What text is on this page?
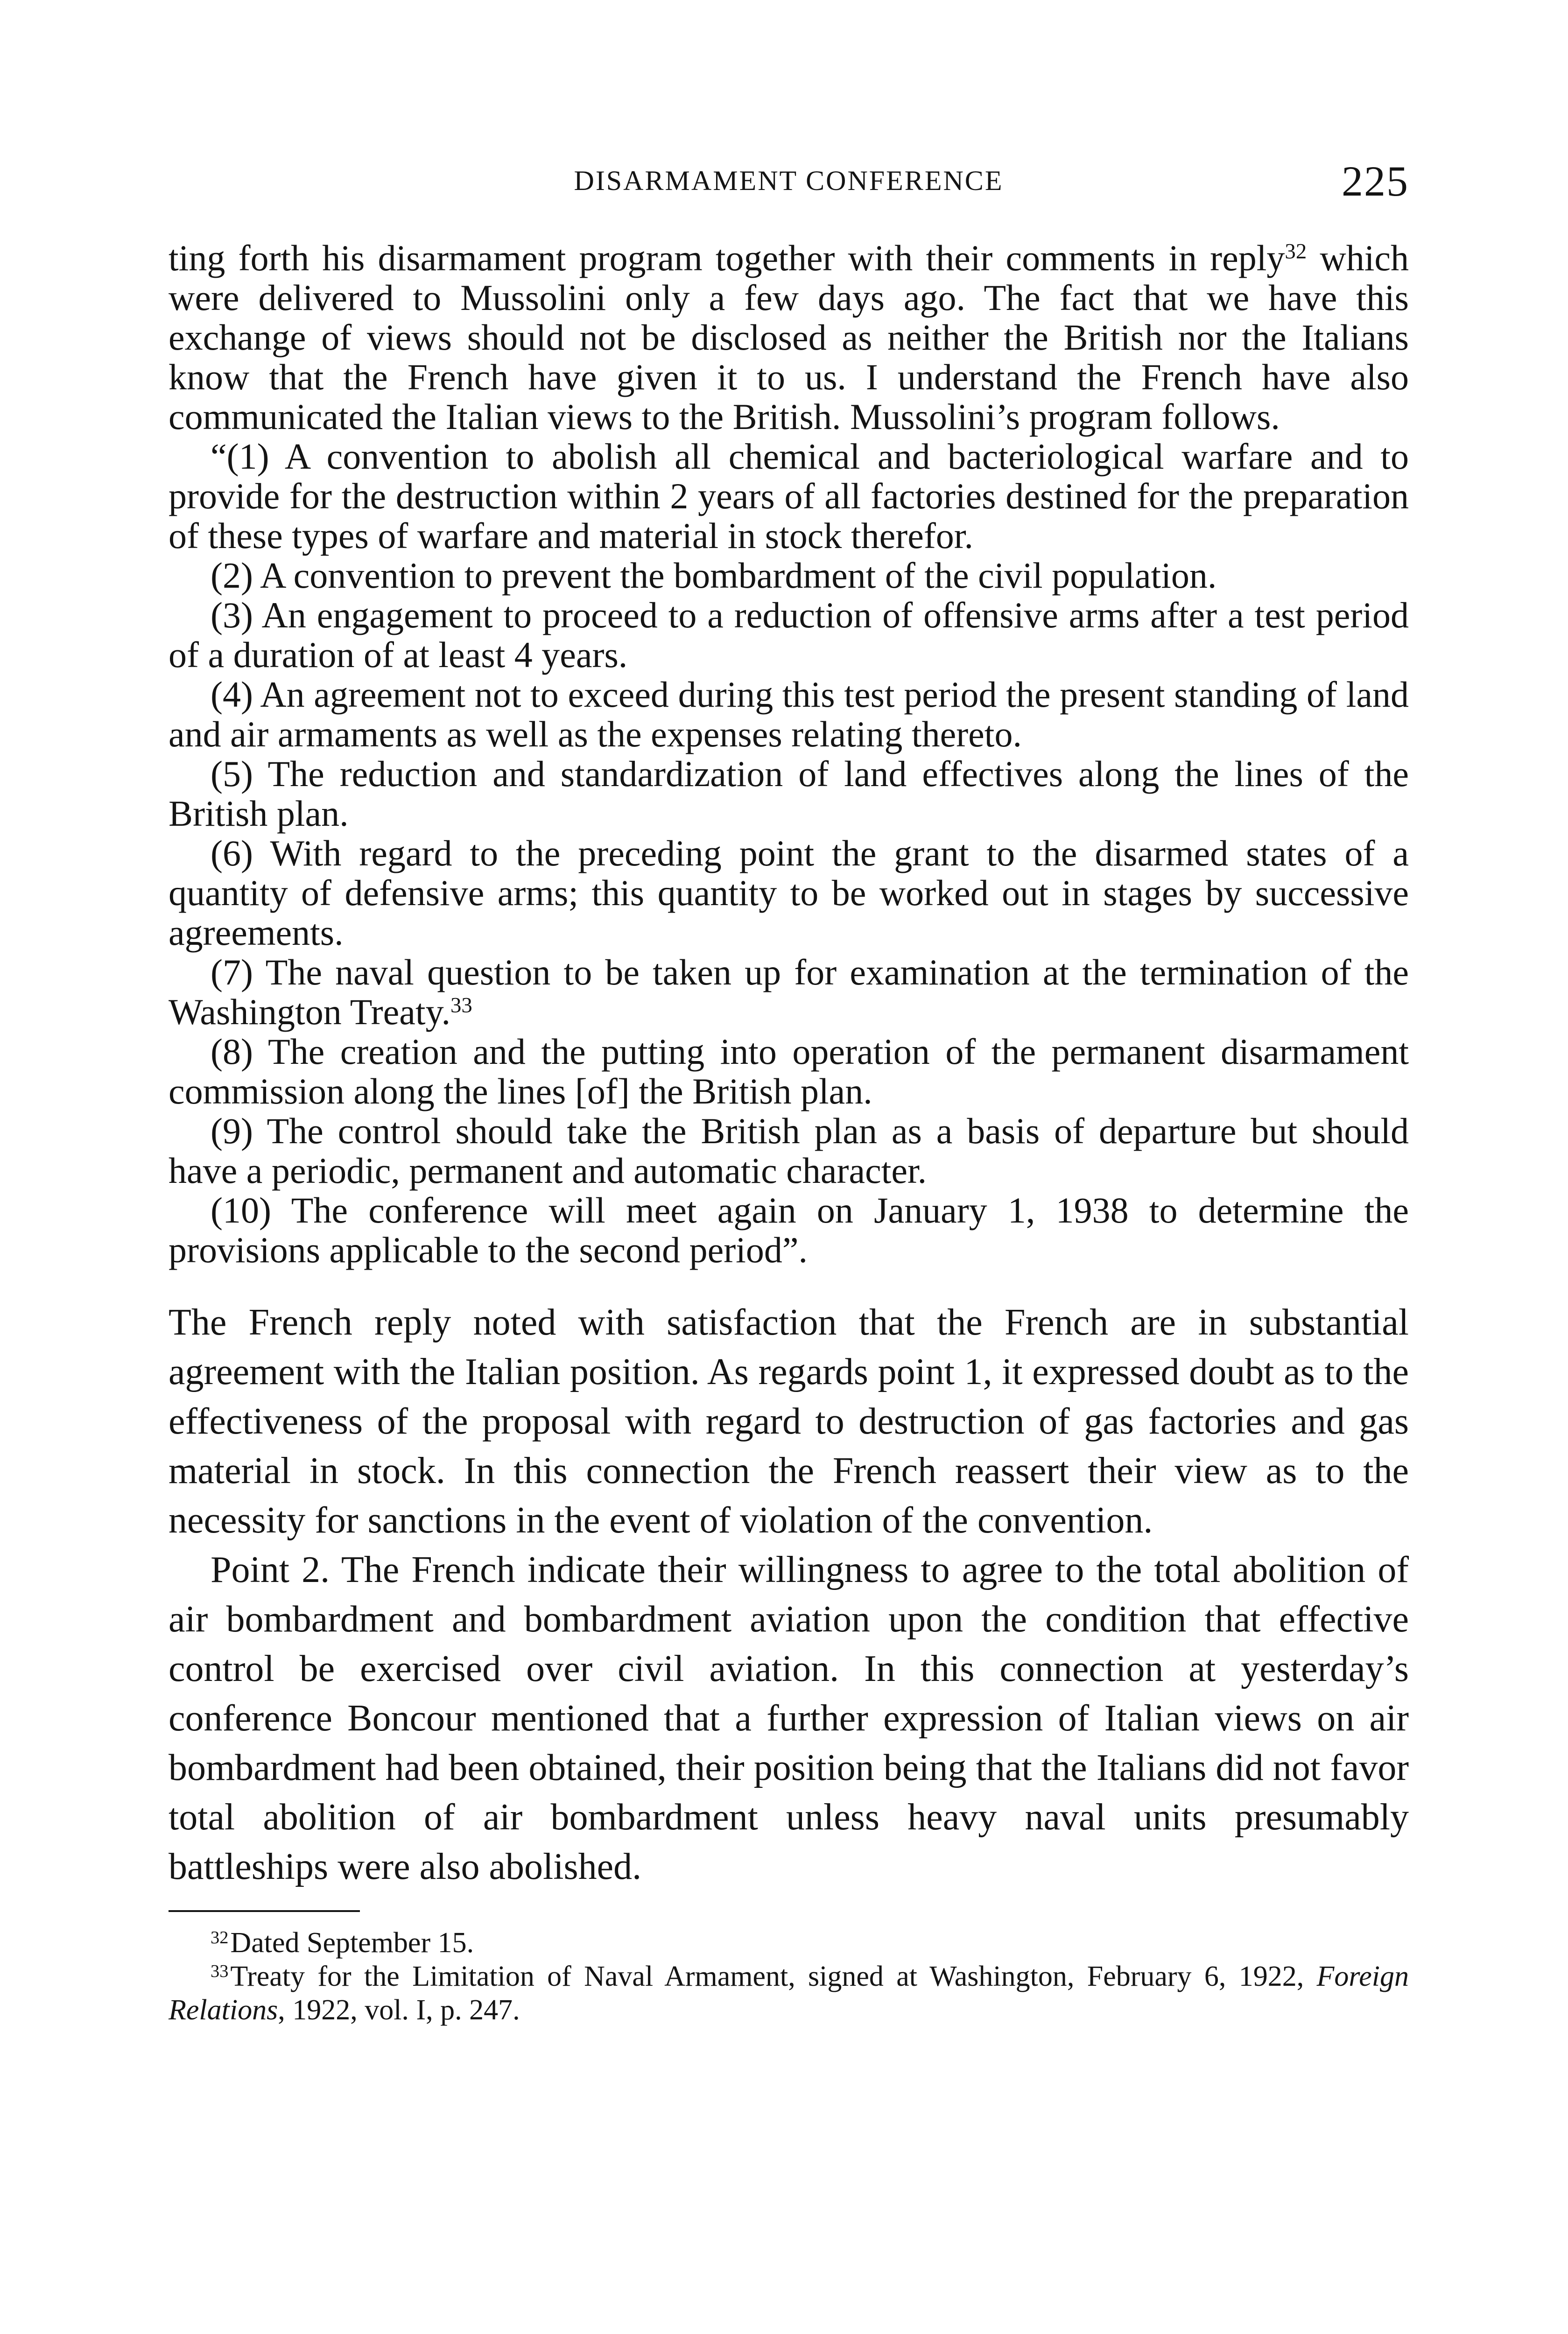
DISARMAMENT CONFERENCE	225

ting forth his disarmament program together with their comments in reply$^{32}$ which were delivered to Mussolini only a few days ago. The fact that we have this exchange of views should not be disclosed as neither the British nor the Italians know that the French have given it to us. I understand the French have also communicated the Italian views to the British. Mussolini’s program follows.

“(1) A convention to abolish all chemical and bacteriological warfare and to provide for the destruction within 2 years of all factories destined for the preparation of these types of warfare and material in stock therefor.

(2) A convention to prevent the bombardment of the civil population.

(3) An engagement to proceed to a reduction of offensive arms after a test period of a duration of at least 4 years.

(4) An agreement not to exceed during this test period the present standing of land and air armaments as well as the expenses relating thereto.

(5) The reduction and standardization of land effectives along the lines of the British plan.

(6) With regard to the preceding point the grant to the disarmed states of a quantity of defensive arms; this quantity to be worked out in stages by successive agreements.

(7) The naval question to be taken up for examination at the termination of the Washington Treaty.$^{33}$

(8) The creation and the putting into operation of the permanent disarmament commission along the lines [of] the British plan.

(9) The control should take the British plan as a basis of departure but should have a periodic, permanent and automatic character.

(10) The conference will meet again on January 1, 1938 to determine the provisions applicable to the second period”.

The French reply noted with satisfaction that the French are in substantial agreement with the Italian position. As regards point 1, it expressed doubt as to the effectiveness of the proposal with regard to destruction of gas factories and gas material in stock. In this connection the French reassert their view as to the necessity for sanctions in the event of violation of the convention.

Point 2. The French indicate their willingness to agree to the total abolition of air bombardment and bombardment aviation upon the condition that effective control be exercised over civil aviation. In this connection at yesterday’s conference Boncour mentioned that a further expression of Italian views on air bombardment had been obtained, their position being that the Italians did not favor total abolition of air bombardment unless heavy naval units presumably battleships were also abolished.

$^{32}$Dated September 15.

$^{33}$Treaty for the Limitation of Naval Armament, signed at Washington, February 6, 1922, Foreign Relations, 1922, vol. I, p. 247.
